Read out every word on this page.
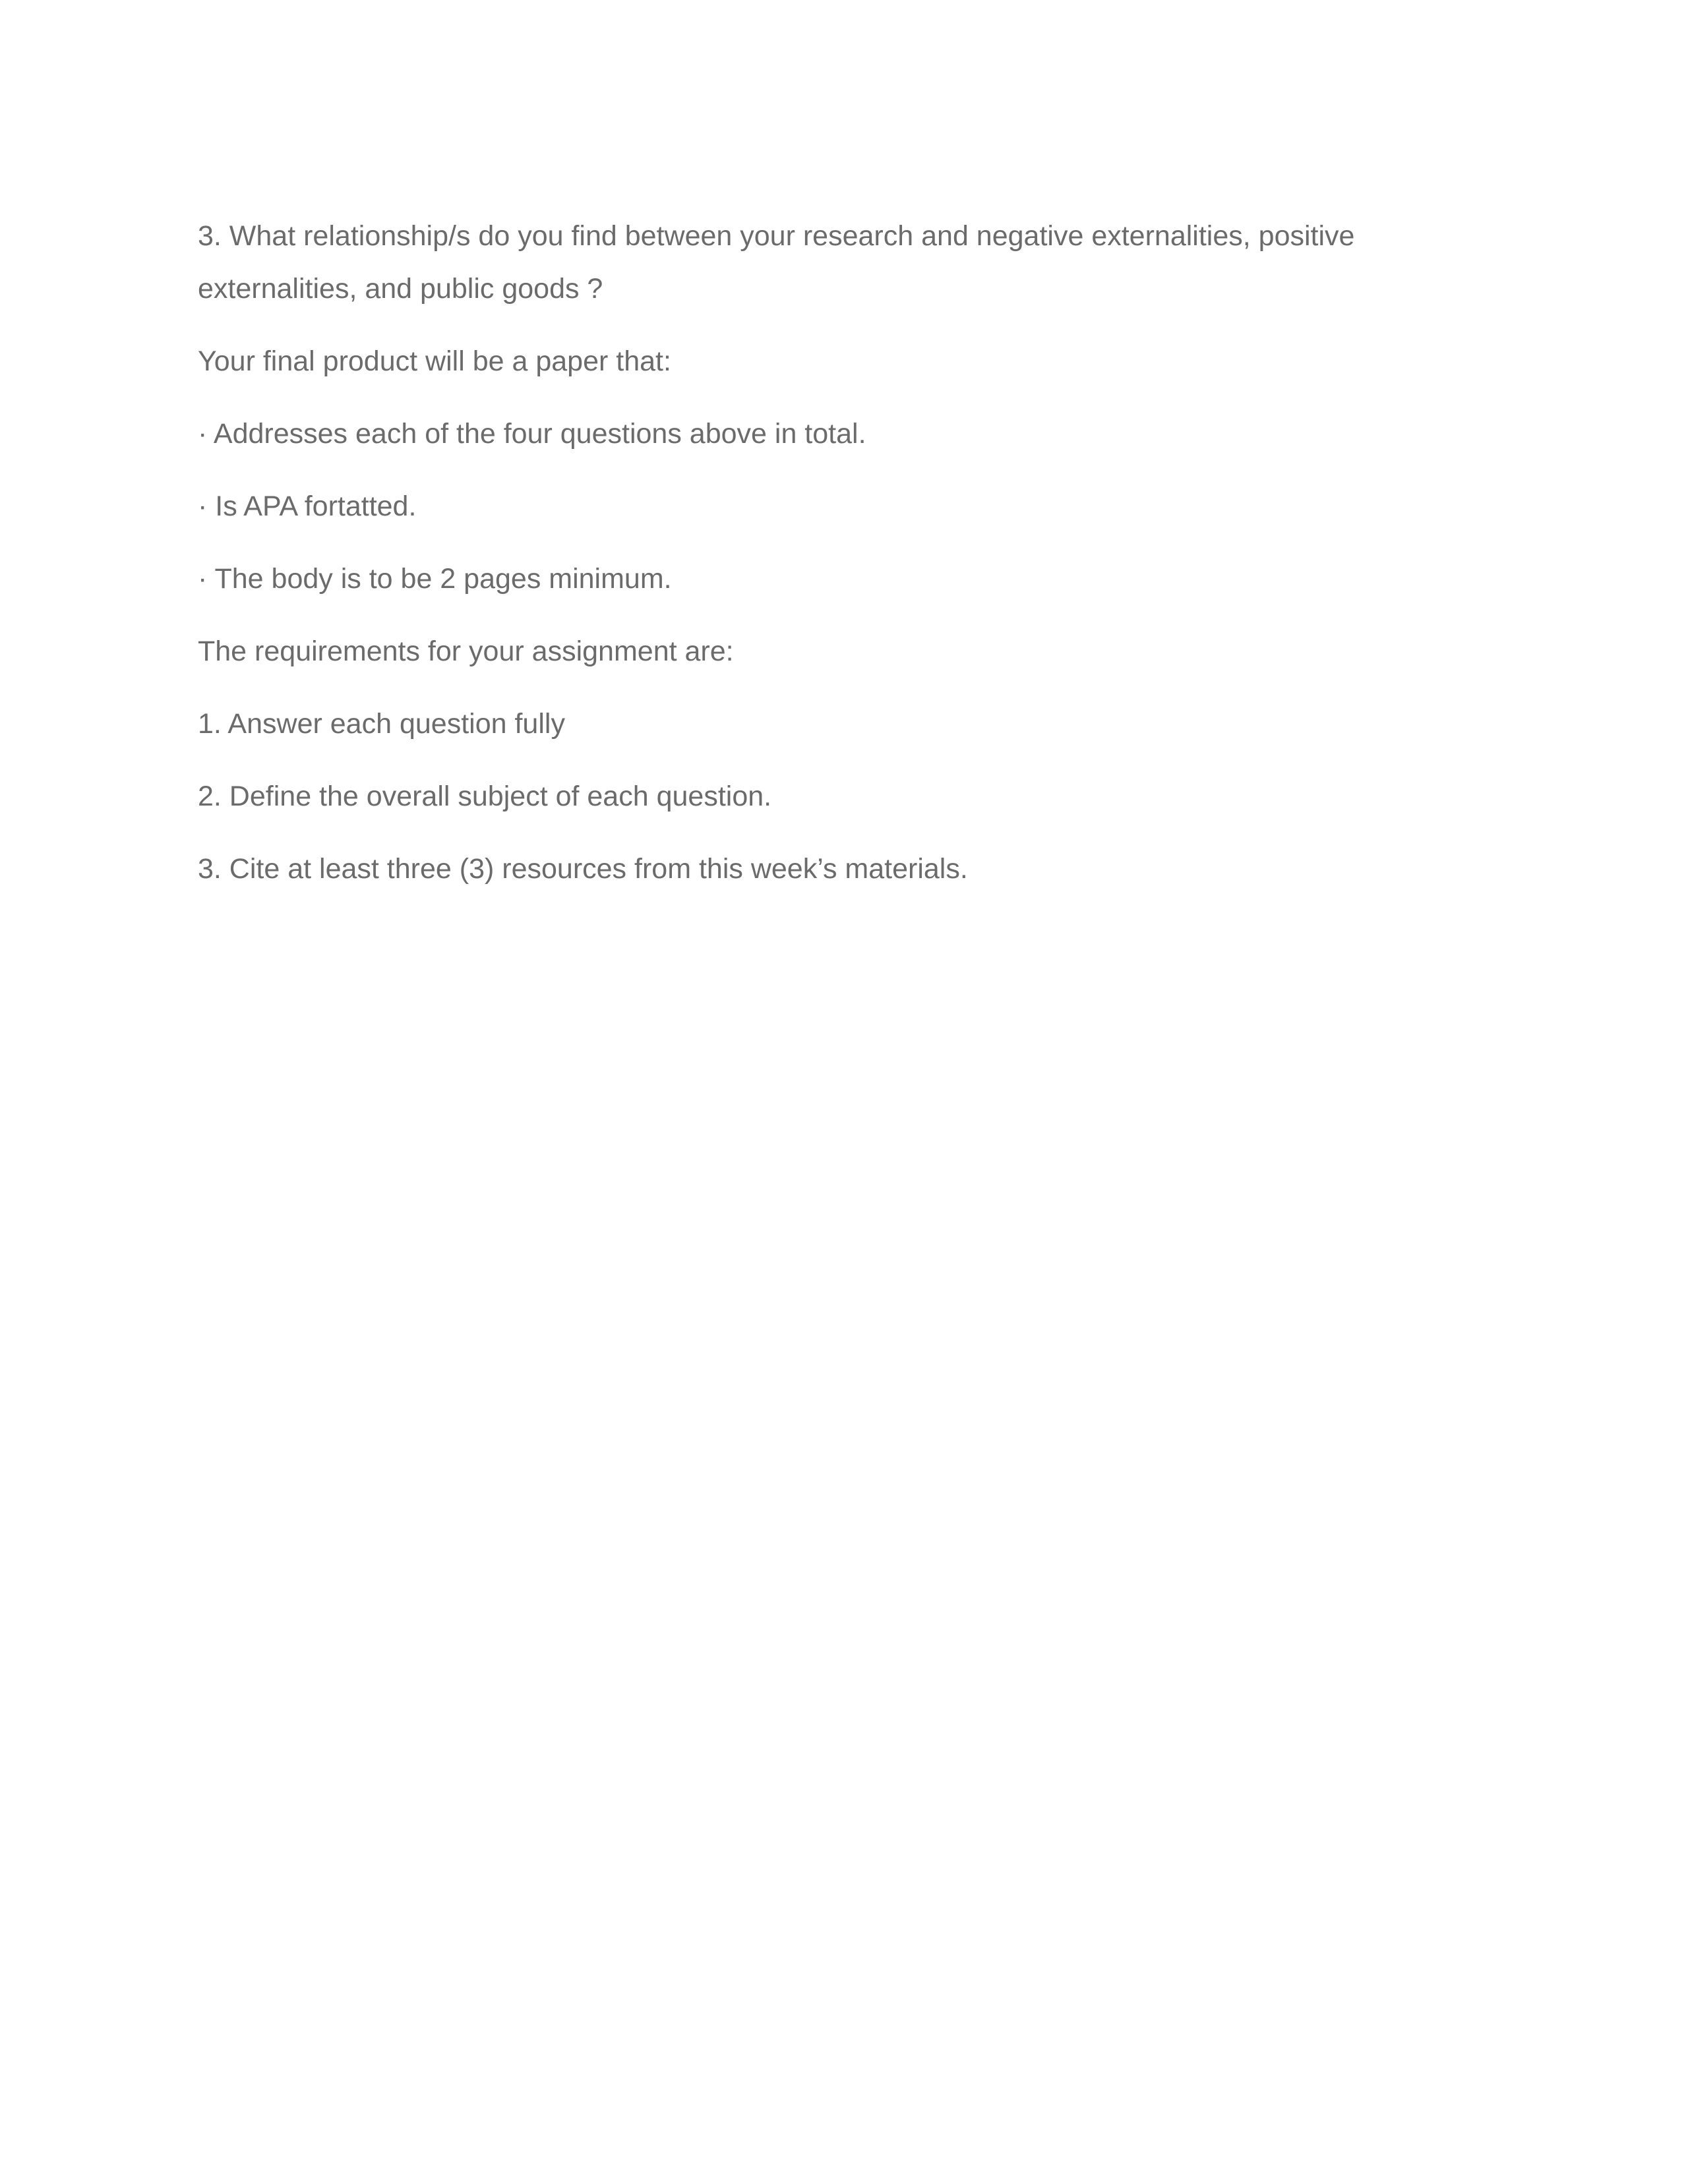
3. What relationship/s do you find between your research and negative externalities, positive externalities, and public goods ?

Your final product will be a paper that:

· Addresses each of the four questions above in total.

· Is APA fortatted.

· The body is to be 2 pages minimum.

The requirements for your assignment are:

1. Answer each question fully

2. Define the overall subject of each question.

3. Cite at least three (3) resources from this week’s materials.
